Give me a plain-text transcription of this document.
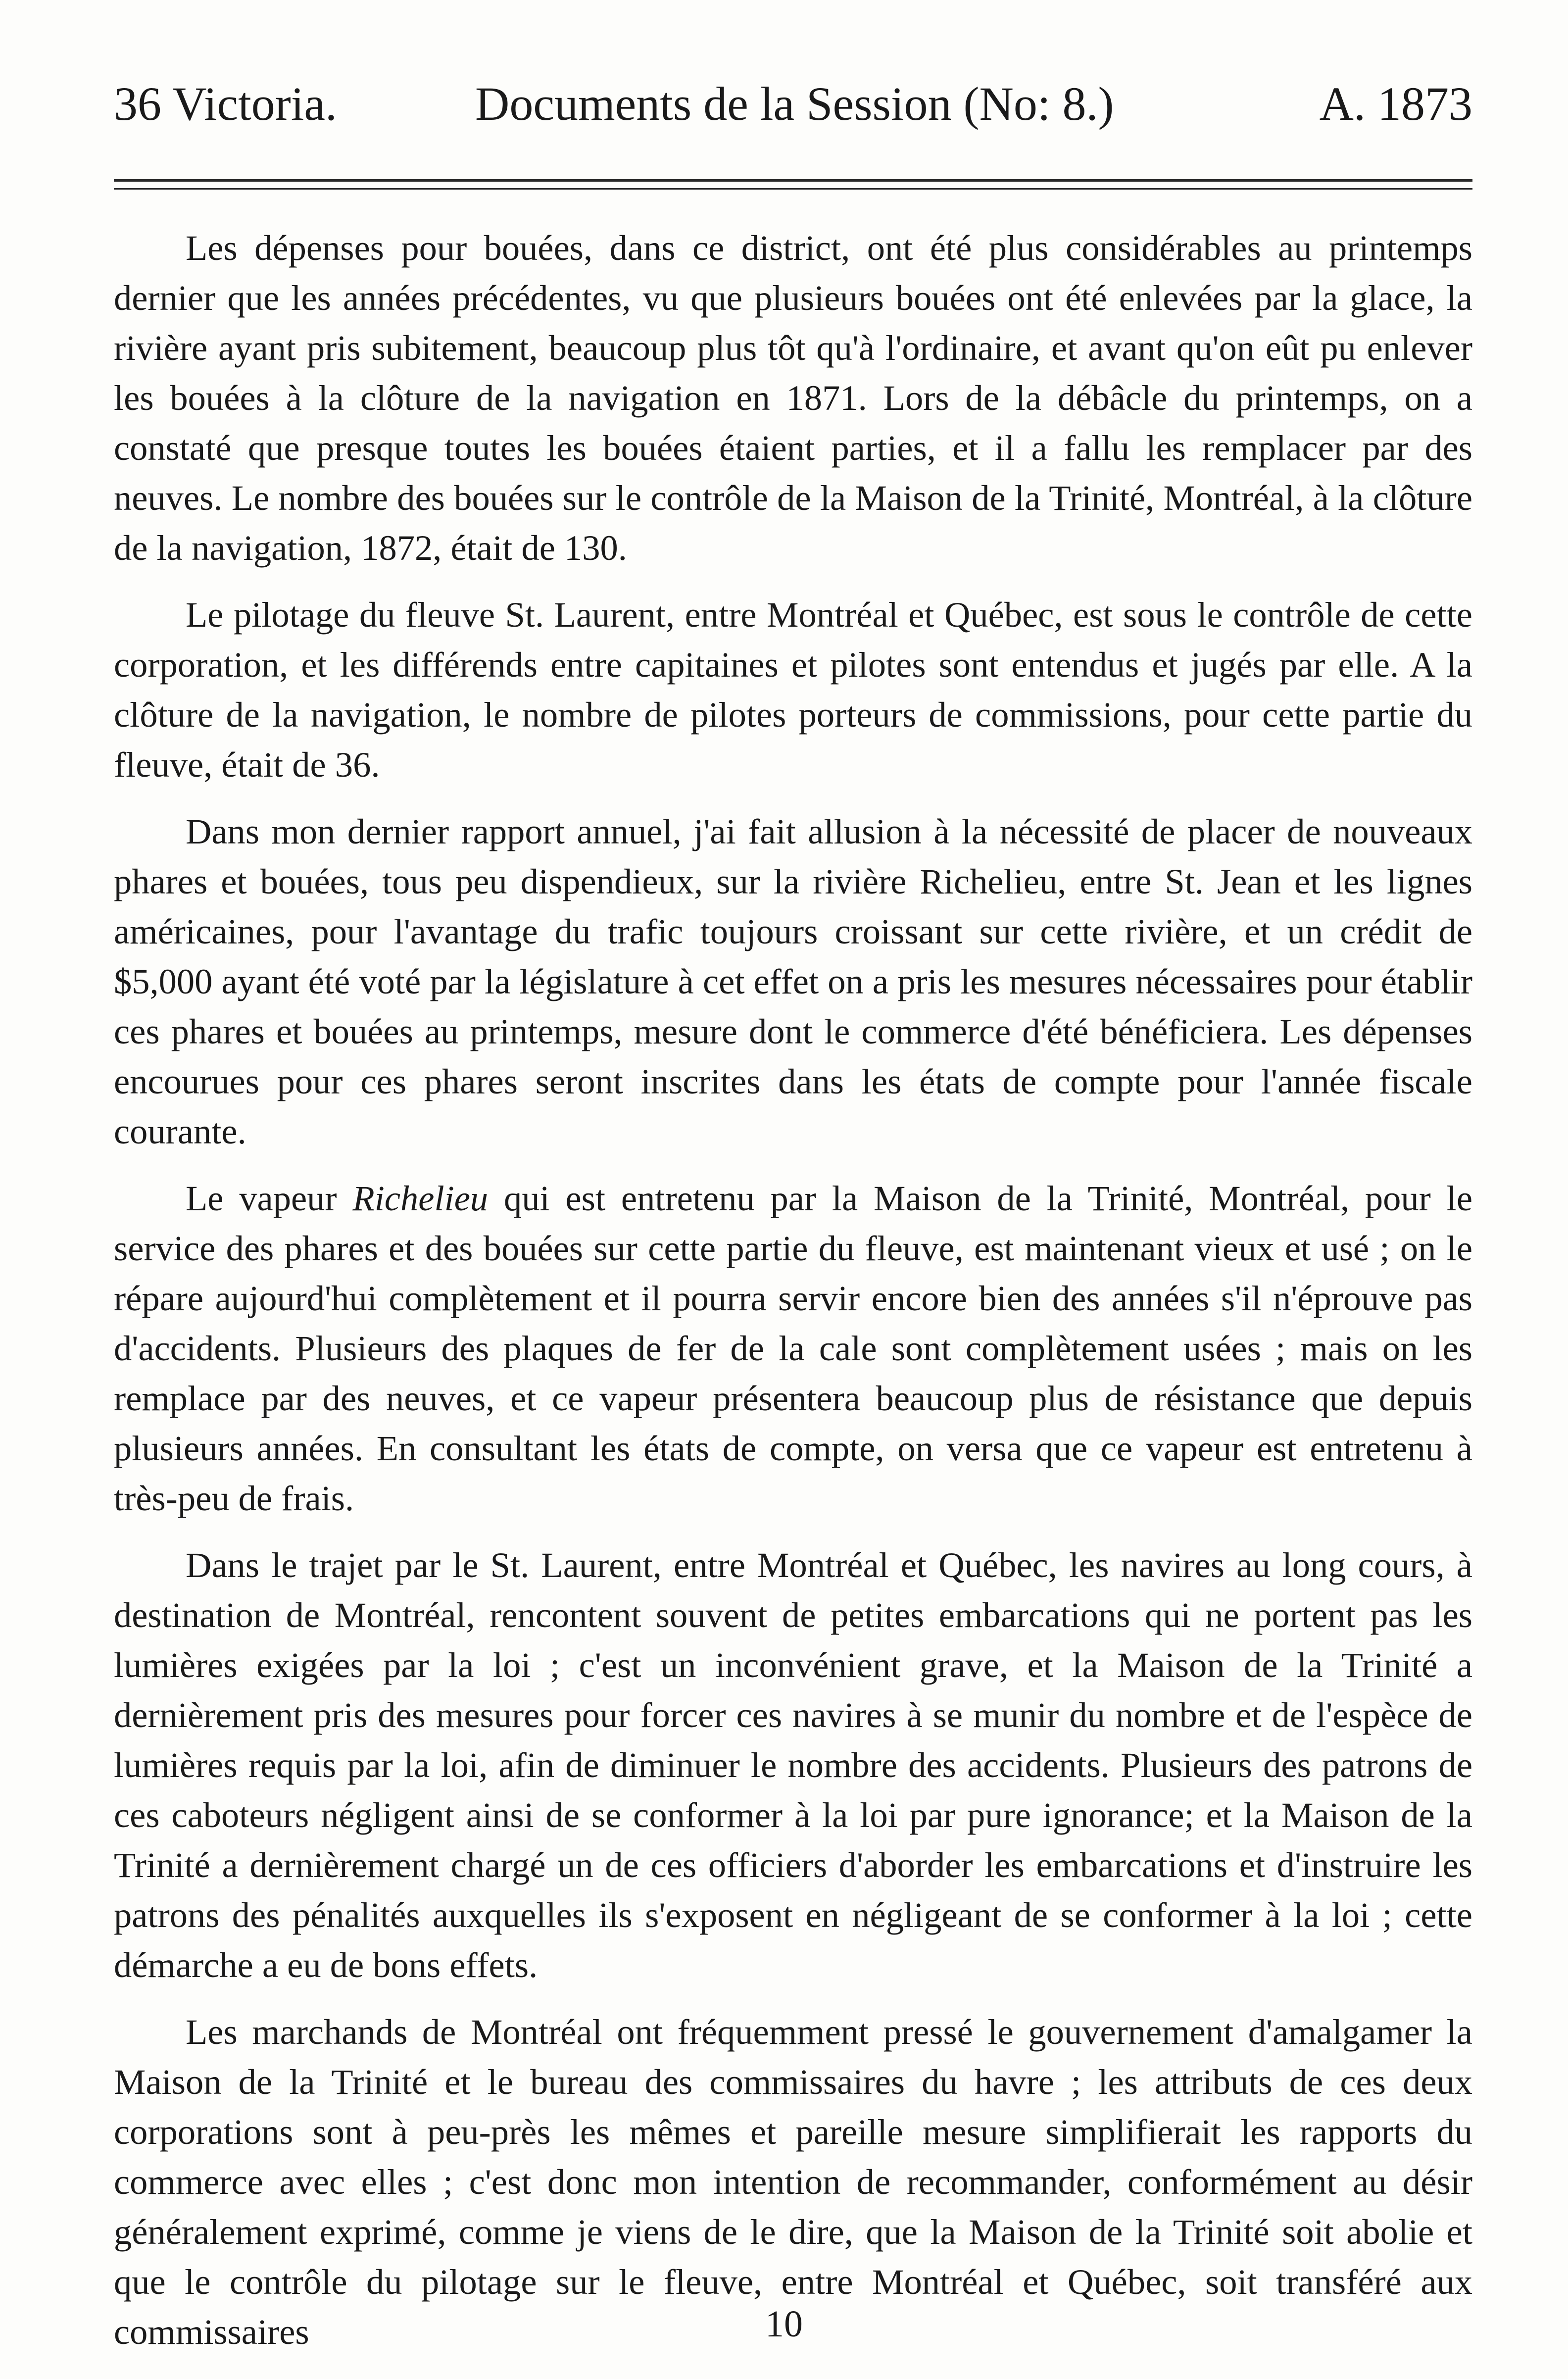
36 Victoria.	Documents de la Session (No: 8.)	A. 1873

Les dépenses pour bouées, dans ce district, ont été plus considérables au printemps dernier que les années précédentes, vu que plusieurs bouées ont été enlevées par la glace, la rivière ayant pris subitement, beaucoup plus tôt qu'à l'ordinaire, et avant qu'on eût pu enlever les bouées à la clôture de la navigation en 1871. Lors de la débâcle du printemps, on a constaté que presque toutes les bouées étaient parties, et il a fallu les remplacer par des neuves. Le nombre des bouées sur le contrôle de la Maison de la Trinité, Montréal, à la clôture de la navigation, 1872, était de 130.

Le pilotage du fleuve St. Laurent, entre Montréal et Québec, est sous le contrôle de cette corporation, et les différends entre capitaines et pilotes sont entendus et jugés par elle. A la clôture de la navigation, le nombre de pilotes porteurs de commissions, pour cette partie du fleuve, était de 36.

Dans mon dernier rapport annuel, j'ai fait allusion à la nécessité de placer de nouveaux phares et bouées, tous peu dispendieux, sur la rivière Richelieu, entre St. Jean et les lignes américaines, pour l'avantage du trafic toujours croissant sur cette rivière, et un crédit de $5,000 ayant été voté par la législature à cet effet on a pris les mesures nécessaires pour établir ces phares et bouées au printemps, mesure dont le commerce d'été bénéficiera. Les dépenses encourues pour ces phares seront inscrites dans les états de compte pour l'année fiscale courante.

Le vapeur Richelieu qui est entretenu par la Maison de la Trinité, Montréal, pour le service des phares et des bouées sur cette partie du fleuve, est maintenant vieux et usé ; on le répare aujourd'hui complètement et il pourra servir encore bien des années s'il n'éprouve pas d'accidents. Plusieurs des plaques de fer de la cale sont complètement usées ; mais on les remplace par des neuves, et ce vapeur présentera beaucoup plus de résistance que depuis plusieurs années. En consultant les états de compte, on versa que ce vapeur est entretenu à très-peu de frais.

Dans le trajet par le St. Laurent, entre Montréal et Québec, les navires au long cours, à destination de Montréal, rencontent souvent de petites embarcations qui ne portent pas les lumières exigées par la loi ; c'est un inconvénient grave, et la Maison de la Trinité a dernièrement pris des mesures pour forcer ces navires à se munir du nombre et de l'espèce de lumières requis par la loi, afin de diminuer le nombre des accidents. Plusieurs des patrons de ces caboteurs négligent ainsi de se conformer à la loi par pure ignorance; et la Maison de la Trinité a dernièrement chargé un de ces officiers d'aborder les embarcations et d'instruire les patrons des pénalités auxquelles ils s'exposent en négligeant de se conformer à la loi ; cette démarche a eu de bons effets.

Les marchands de Montréal ont fréquemment pressé le gouvernement d'amalgamer la Maison de la Trinité et le bureau des commissaires du havre ; les attributs de ces deux corporations sont à peu-près les mêmes et pareille mesure simplifierait les rapports du commerce avec elles ; c'est donc mon intention de recommander, conformément au désir généralement exprimé, comme je viens de le dire, que la Maison de la Trinité soit abolie et que le contrôle du pilotage sur le fleuve, entre Montréal et Québec, soit transféré aux commissaires	10
